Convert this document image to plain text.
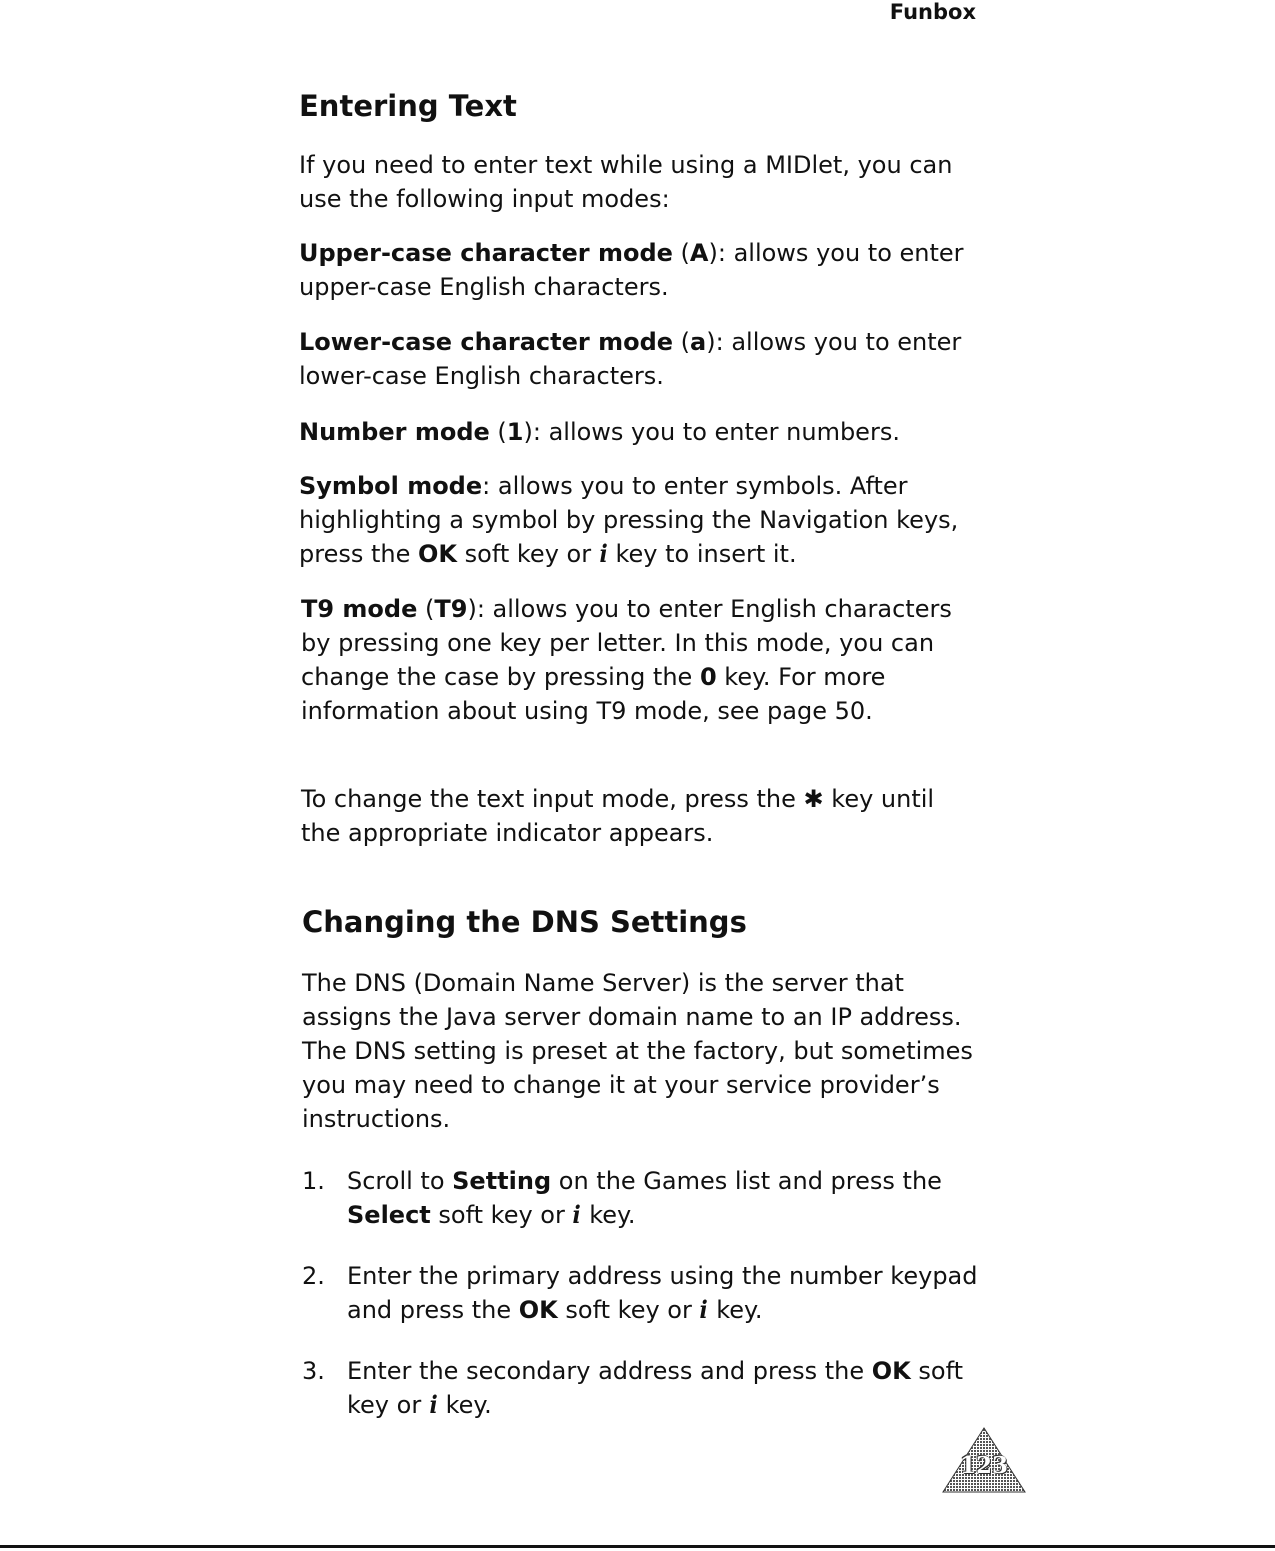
Funbox
Entering Text

If you need to enter text while using a MIDlet, you can use the following input modes:

Upper-case character mode (A): allows you to enter upper-case English characters.

Lower-case character mode (a): allows you to enter lower-case English characters.

Number mode (1): allows you to enter numbers.

Symbol mode: allows you to enter symbols. After highlighting a symbol by pressing the Navigation keys, press the OK soft key or i key to insert it.

T9 mode (T9): allows you to enter English characters by pressing one key per letter. In this mode, you can change the case by pressing the 0 key. For more information about using T9 mode, see page 50.

To change the text input mode, press the ✱ key until the appropriate indicator appears.

Changing the DNS Settings

The DNS (Domain Name Server) is the server that assigns the Java server domain name to an IP address. The DNS setting is preset at the factory, but sometimes you may need to change it at your service provider’s instructions.

1. Scroll to Setting on the Games list and press the Select soft key or i key.
2. Enter the primary address using the number keypad and press the OK soft key or i key.
3. Enter the secondary address and press the OK soft key or i key.
123
